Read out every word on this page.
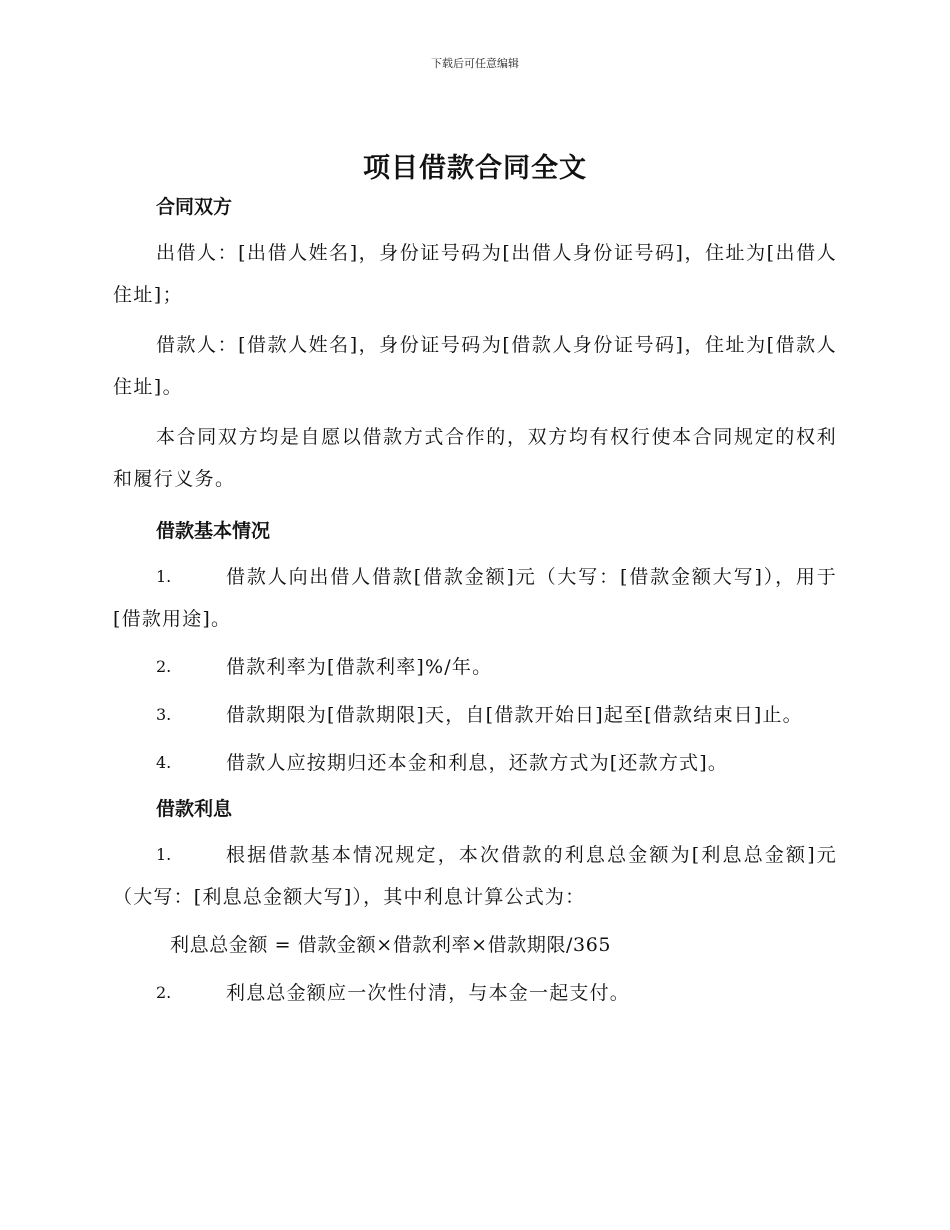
下载后可任意编辑
项目借款合同全文
合同双方
出借人：[出借人姓名]，身份证号码为[出借人身份证号码]，住址为[出借人住址]；
借款人：[借款人姓名]，身份证号码为[借款人身份证号码]，住址为[借款人住址]。
本合同双方均是自愿以借款方式合作的，双方均有权行使本合同规定的权利和履行义务。
借款基本情况
1.	借款人向出借人借款[借款金额]元（大写：[借款金额大写]），用于[借款用途]。
2.	借款利率为[借款利率]%/年。
3.	借款期限为[借款期限]天，自[借款开始日]起至[借款结束日]止。
4.	借款人应按期归还本金和利息，还款方式为[还款方式]。
借款利息
1.	根据借款基本情况规定，本次借款的利息总金额为[利息总金额]元（大写：[利息总金额大写]），其中利息计算公式为：
利息总金额 = 借款金额×借款利率×借款期限/365
2.	利息总金额应一次性付清，与本金一起支付。
